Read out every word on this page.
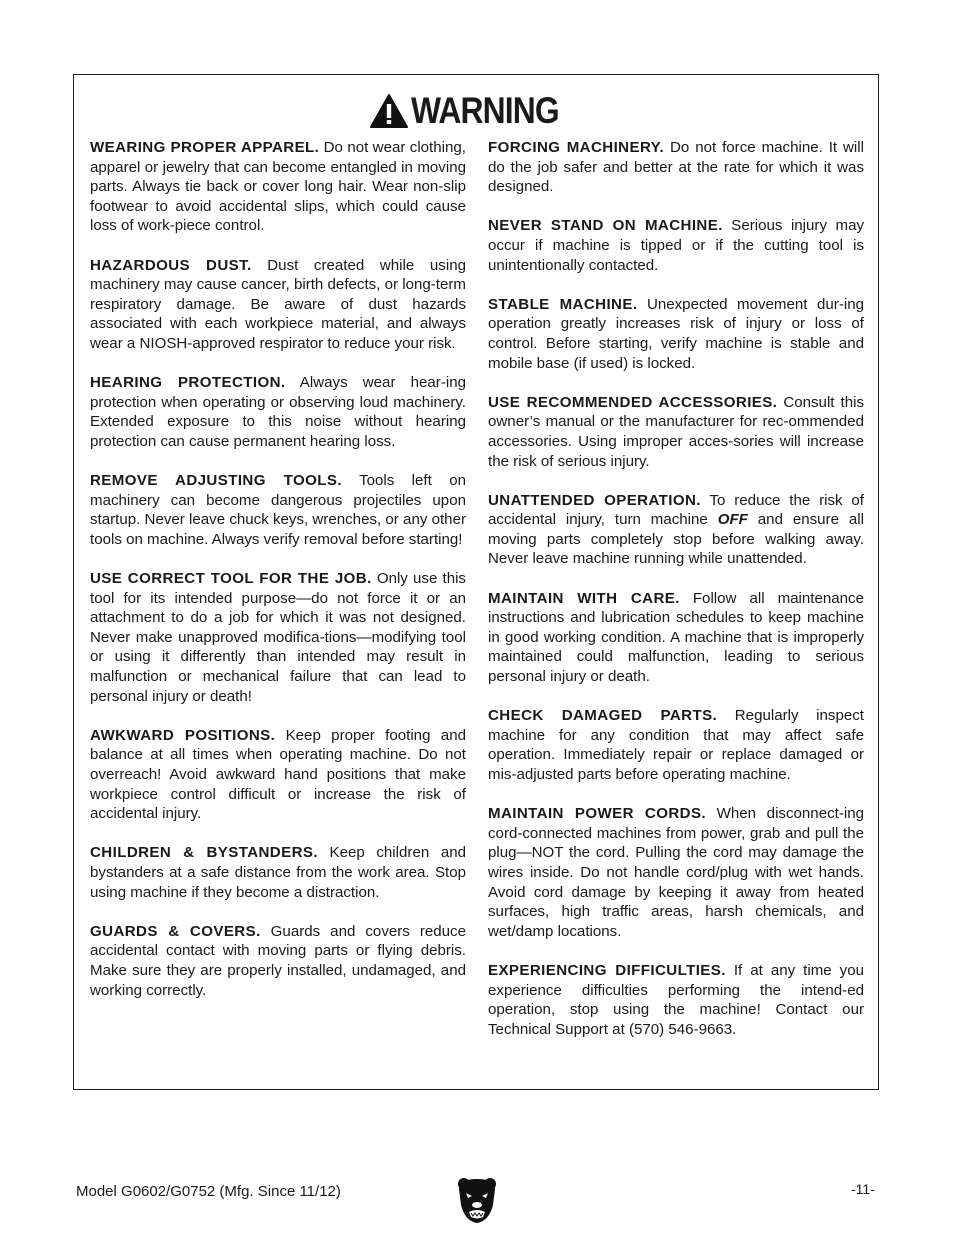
WARNING

WEARING PROPER APPAREL. Do not wear clothing, apparel or jewelry that can become entangled in moving parts. Always tie back or cover long hair. Wear non-slip footwear to avoid accidental slips, which could cause loss of work-piece control.

HAZARDOUS DUST. Dust created while using machinery may cause cancer, birth defects, or long-term respiratory damage. Be aware of dust hazards associated with each workpiece material, and always wear a NIOSH-approved respirator to reduce your risk.

HEARING PROTECTION. Always wear hear-ing protection when operating or observing loud machinery. Extended exposure to this noise without hearing protection can cause permanent hearing loss.

REMOVE ADJUSTING TOOLS. Tools left on machinery can become dangerous projectiles upon startup. Never leave chuck keys, wrenches, or any other tools on machine. Always verify removal before starting!

USE CORRECT TOOL FOR THE JOB. Only use this tool for its intended purpose—do not force it or an attachment to do a job for which it was not designed. Never make unapproved modifica-tions—modifying tool or using it differently than intended may result in malfunction or mechanical failure that can lead to personal injury or death!

AWKWARD POSITIONS. Keep proper footing and balance at all times when operating machine. Do not overreach! Avoid awkward hand positions that make workpiece control difficult or increase the risk of accidental injury.

CHILDREN & BYSTANDERS. Keep children and bystanders at a safe distance from the work area. Stop using machine if they become a distraction.

GUARDS & COVERS. Guards and covers reduce accidental contact with moving parts or flying debris. Make sure they are properly installed, undamaged, and working correctly.

FORCING MACHINERY. Do not force machine. It will do the job safer and better at the rate for which it was designed.

NEVER STAND ON MACHINE. Serious injury may occur if machine is tipped or if the cutting tool is unintentionally contacted.

STABLE MACHINE. Unexpected movement dur-ing operation greatly increases risk of injury or loss of control. Before starting, verify machine is stable and mobile base (if used) is locked.

USE RECOMMENDED ACCESSORIES. Consult this owner’s manual or the manufacturer for rec-ommended accessories. Using improper acces-sories will increase the risk of serious injury.

UNATTENDED OPERATION. To reduce the risk of accidental injury, turn machine OFF and ensure all moving parts completely stop before walking away. Never leave machine running while unattended.

MAINTAIN WITH CARE. Follow all maintenance instructions and lubrication schedules to keep machine in good working condition. A machine that is improperly maintained could malfunction, leading to serious personal injury or death.

CHECK DAMAGED PARTS. Regularly inspect machine for any condition that may affect safe operation. Immediately repair or replace damaged or mis-adjusted parts before operating machine.

MAINTAIN POWER CORDS. When disconnect-ing cord-connected machines from power, grab and pull the plug—NOT the cord. Pulling the cord may damage the wires inside. Do not handle cord/plug with wet hands. Avoid cord damage by keeping it away from heated surfaces, high traffic areas, harsh chemicals, and wet/damp locations.

EXPERIENCING DIFFICULTIES. If at any time you experience difficulties performing the intend-ed operation, stop using the machine! Contact our Technical Support at (570) 546-9663.

Model G0602/G0752 (Mfg. Since 11/12)	-11-
